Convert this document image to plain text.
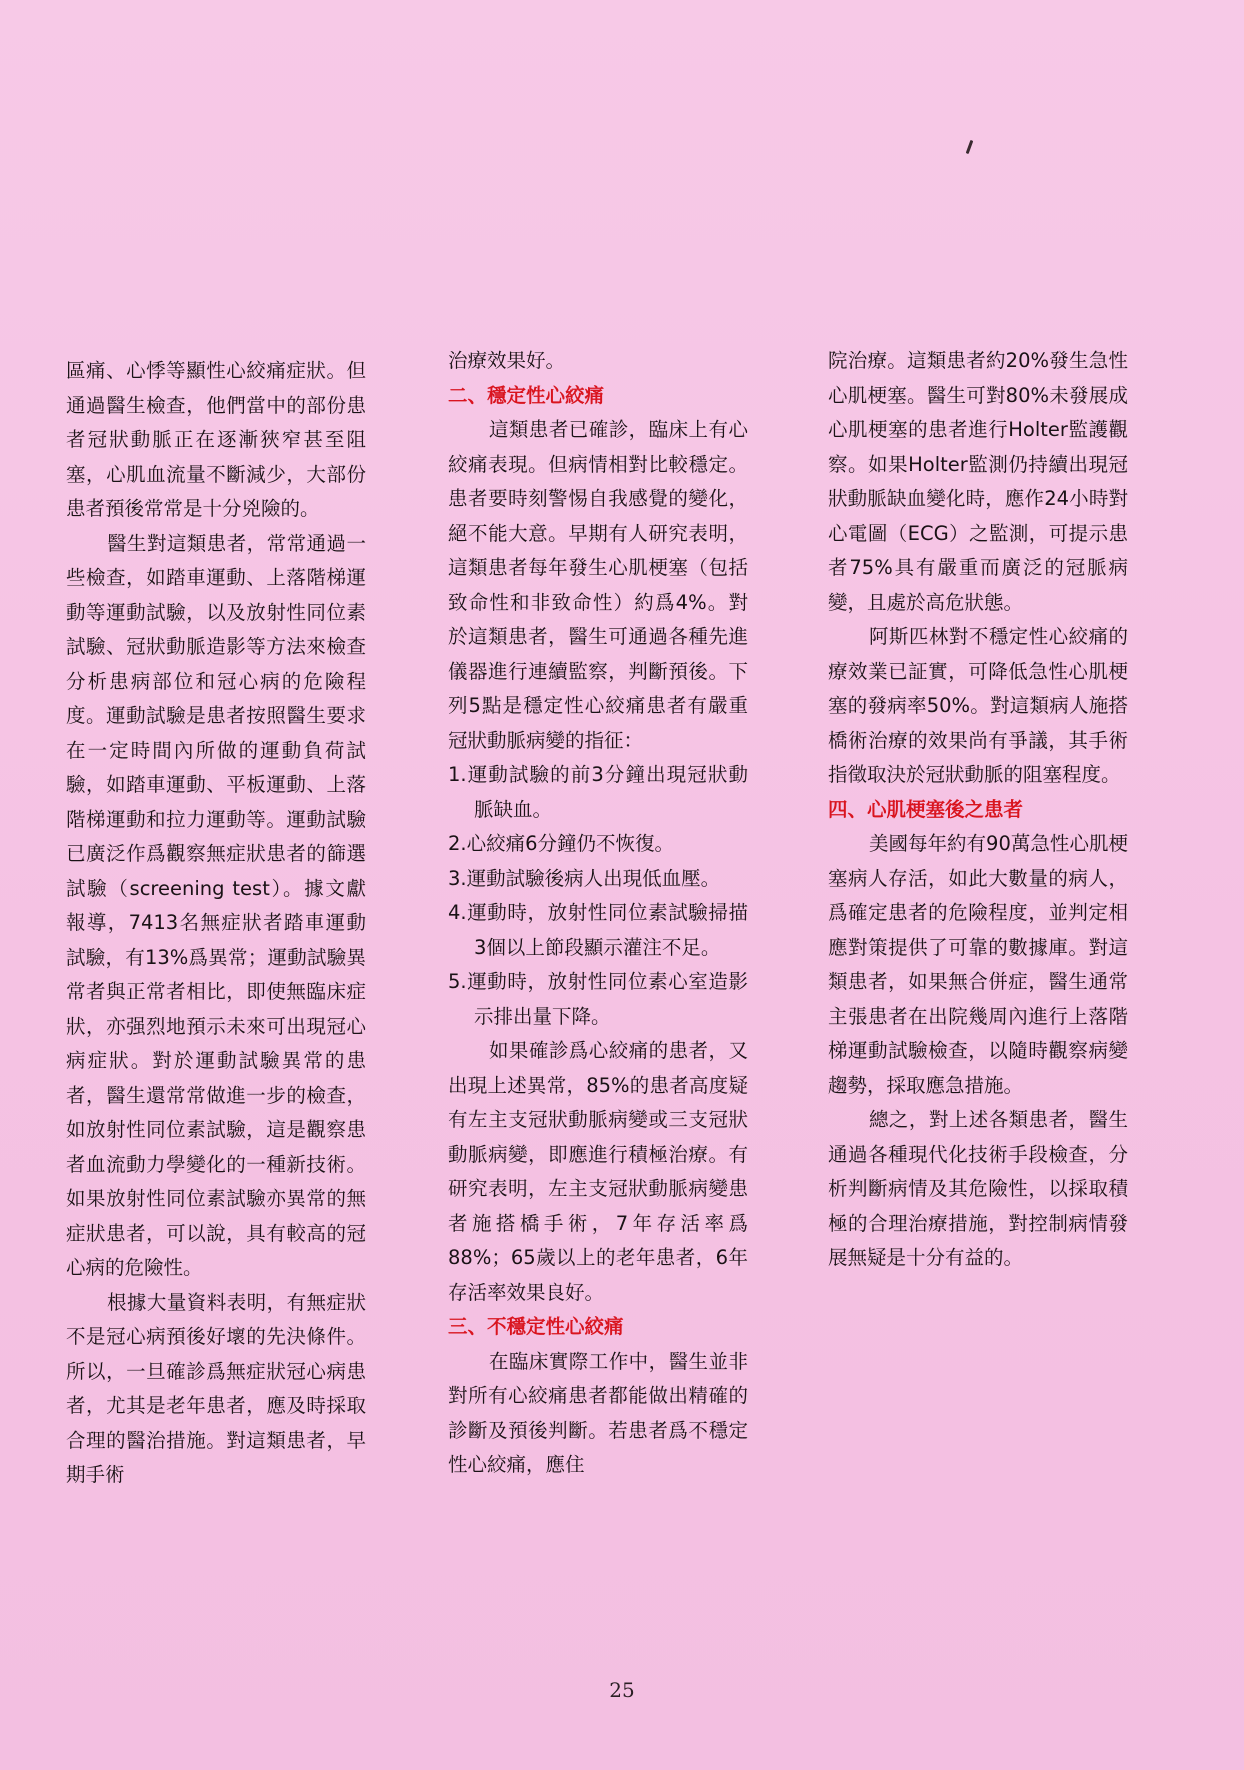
區痛、心悸等顯性心絞痛症狀。但通過醫生檢查，他們當中的部份患者冠狀動脈正在逐漸狹窄甚至阻塞，心肌血流量不斷減少，大部份患者預後常常是十分兇險的。

醫生對這類患者，常常通過一些檢查，如踏車運動、上落階梯運動等運動試驗，以及放射性同位素試驗、冠狀動脈造影等方法來檢查分析患病部位和冠心病的危險程度。運動試驗是患者按照醫生要求在一定時間內所做的運動負荷試驗，如踏車運動、平板運動、上落階梯運動和拉力運動等。運動試驗已廣泛作爲觀察無症狀患者的篩選試驗（screening test）。據文獻報導，7413名無症狀者踏車運動試驗，有13%爲異常；運動試驗異常者與正常者相比，即使無臨床症狀，亦强烈地預示未來可出現冠心病症狀。對於運動試驗異常的患者，醫生還常常做進一步的檢查，如放射性同位素試驗，這是觀察患者血流動力學變化的一種新技術。如果放射性同位素試驗亦異常的無症狀患者，可以說，具有較高的冠心病的危險性。

根據大量資料表明，有無症狀不是冠心病預後好壞的先決條件。所以，一旦確診爲無症狀冠心病患者，尤其是老年患者，應及時採取合理的醫治措施。對這類患者，早期手術

治療效果好。

二、穩定性心絞痛

這類患者已確診，臨床上有心絞痛表現。但病情相對比較穩定。患者要時刻警惕自我感覺的變化，絕不能大意。早期有人研究表明，這類患者每年發生心肌梗塞（包括致命性和非致命性）約爲4%。對於這類患者，醫生可通過各種先進儀器進行連續監察，判斷預後。下列5點是穩定性心絞痛患者有嚴重冠狀動脈病變的指征：

1.運動試驗的前3分鐘出現冠狀動脈缺血。

2.心絞痛6分鐘仍不恢復。

3.運動試驗後病人出現低血壓。

4.運動時，放射性同位素試驗掃描3個以上節段顯示灌注不足。

5.運動時，放射性同位素心室造影示排出量下降。

如果確診爲心絞痛的患者，又出現上述異常，85%的患者高度疑有左主支冠狀動脈病變或三支冠狀動脈病變，即應進行積極治療。有研究表明，左主支冠狀動脈病變患者施搭橋手術，7年存活率爲88%；65歲以上的老年患者，6年存活率效果良好。

三、不穩定性心絞痛

在臨床實際工作中，醫生並非對所有心絞痛患者都能做出精確的診斷及預後判斷。若患者爲不穩定性心絞痛，應住

院治療。這類患者約20%發生急性心肌梗塞。醫生可對80%未發展成心肌梗塞的患者進行Holter監護觀察。如果Holter監測仍持續出現冠狀動脈缺血變化時，應作24小時對心電圖（ECG）之監測，可提示患者75%具有嚴重而廣泛的冠脈病變，且處於高危狀態。

阿斯匹林對不穩定性心絞痛的療效業已証實，可降低急性心肌梗塞的發病率50%。對這類病人施搭橋術治療的效果尚有爭議，其手術指徵取決於冠狀動脈的阻塞程度。

四、心肌梗塞後之患者

美國每年約有90萬急性心肌梗塞病人存活，如此大數量的病人，爲確定患者的危險程度，並判定相應對策提供了可靠的數據庫。對這類患者，如果無合併症，醫生通常主張患者在出院幾周內進行上落階梯運動試驗檢查，以隨時觀察病變趨勢，採取應急措施。

總之，對上述各類患者，醫生通過各種現代化技術手段檢查，分析判斷病情及其危險性，以採取積極的合理治療措施，對控制病情發展無疑是十分有益的。

25
